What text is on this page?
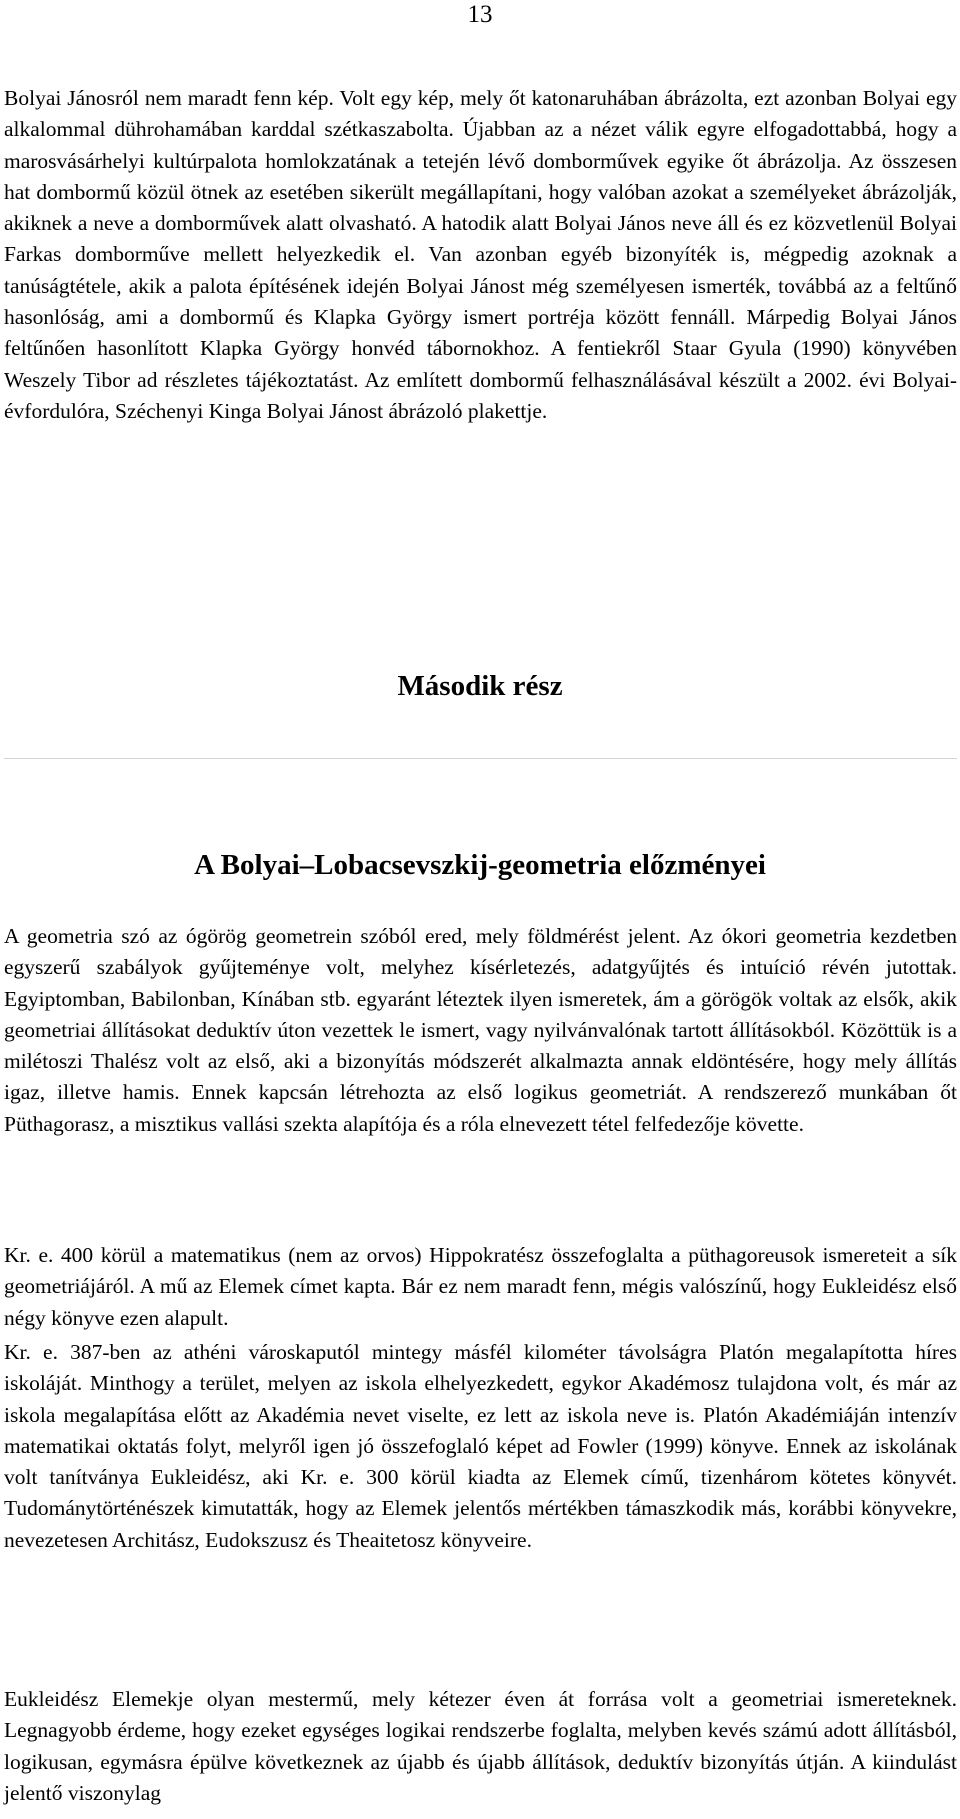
13

Bolyai Jánosról nem maradt fenn kép. Volt egy kép, mely őt katonaruhában ábrázolta, ezt azonban Bolyai egy alkalommal dührohamában karddal szétkaszabolta. Újabban az a nézet válik egyre elfogadottabbá, hogy a marosvásárhelyi kultúrpalota homlokzatának a tetején lévő domborművek egyike őt ábrázolja. Az összesen hat dombormű közül ötnek az esetében sikerült megállapítani, hogy valóban azokat a személyeket ábrázolják, akiknek a neve a domborművek alatt olvasható. A hatodik alatt Bolyai János neve áll és ez közvetlenül Bolyai Farkas domborműve mellett helyezkedik el. Van azonban egyéb bizonyíték is, mégpedig azoknak a tanúságtétele, akik a palota építésének idején Bolyai Jánost még személyesen ismerték, továbbá az a feltűnő hasonlóság, ami a dombormű és Klapka György ismert portréja között fennáll. Márpedig Bolyai János feltűnően hasonlított Klapka György honvéd tábornokhoz. A fentiekről Staar Gyula (1990) könyvében Weszely Tibor ad részletes tájékoztatást. Az említett dombormű felhasználásával készült a 2002. évi Bolyai-évfordulóra, Széchenyi Kinga Bolyai Jánost ábrázoló plakettje.

Második rész
A Bolyai–Lobacsevszkij-geometria előzményei

A geometria szó az ógörög geometrein szóból ered, mely földmérést jelent. Az ókori geometria kezdetben egyszerű szabályok gyűjteménye volt, melyhez kísérletezés, adatgyűjtés és intuíció révén jutottak. Egyiptomban, Babilonban, Kínában stb. egyaránt léteztek ilyen ismeretek, ám a görögök voltak az elsők, akik geometriai állításokat deduktív úton vezettek le ismert, vagy nyilvánvalónak tartott állításokból. Közöttük is a milétoszi Thalész volt az első, aki a bizonyítás módszerét alkalmazta annak eldöntésére, hogy mely állítás igaz, illetve hamis. Ennek kapcsán létrehozta az első logikus geometriát. A rendszerező munkában őt Püthagorasz, a misztikus vallási szekta alapítója és a róla elnevezett tétel felfedezője követte.

Kr. e. 400 körül a matematikus (nem az orvos) Hippokratész összefoglalta a püthagoreusok ismereteit a sík geometriájáról. A mű az Elemek címet kapta. Bár ez nem maradt fenn, mégis valószínű, hogy Eukleidész első négy könyve ezen alapult.

Kr. e. 387-ben az athéni városkaputól mintegy másfél kilométer távolságra Platón megalapította híres iskoláját. Minthogy a terület, melyen az iskola elhelyezkedett, egykor Akadémosz tulajdona volt, és már az iskola megalapítása előtt az Akadémia nevet viselte, ez lett az iskola neve is. Platón Akadémiáján intenzív matematikai oktatás folyt, melyről igen jó összefoglaló képet ad Fowler (1999) könyve. Ennek az iskolának volt tanítványa Eukleidész, aki Kr. e. 300 körül kiadta az Elemek című, tizenhárom kötetes könyvét. Tudománytörténészek kimutatták, hogy az Elemek jelentős mértékben támaszkodik más, korábbi könyvekre, nevezetesen Architász, Eudokszusz és Theaitetosz könyveire.

Eukleidész Elemekje olyan mestermű, mely kétezer éven át forrása volt a geometriai ismereteknek. Legnagyobb érdeme, hogy ezeket egységes logikai rendszerbe foglalta, melyben kevés számú adott állításból, logikusan, egymásra épülve következnek az újabb és újabb állítások, deduktív bizonyítás útján. A kiindulást jelentő viszonylag
